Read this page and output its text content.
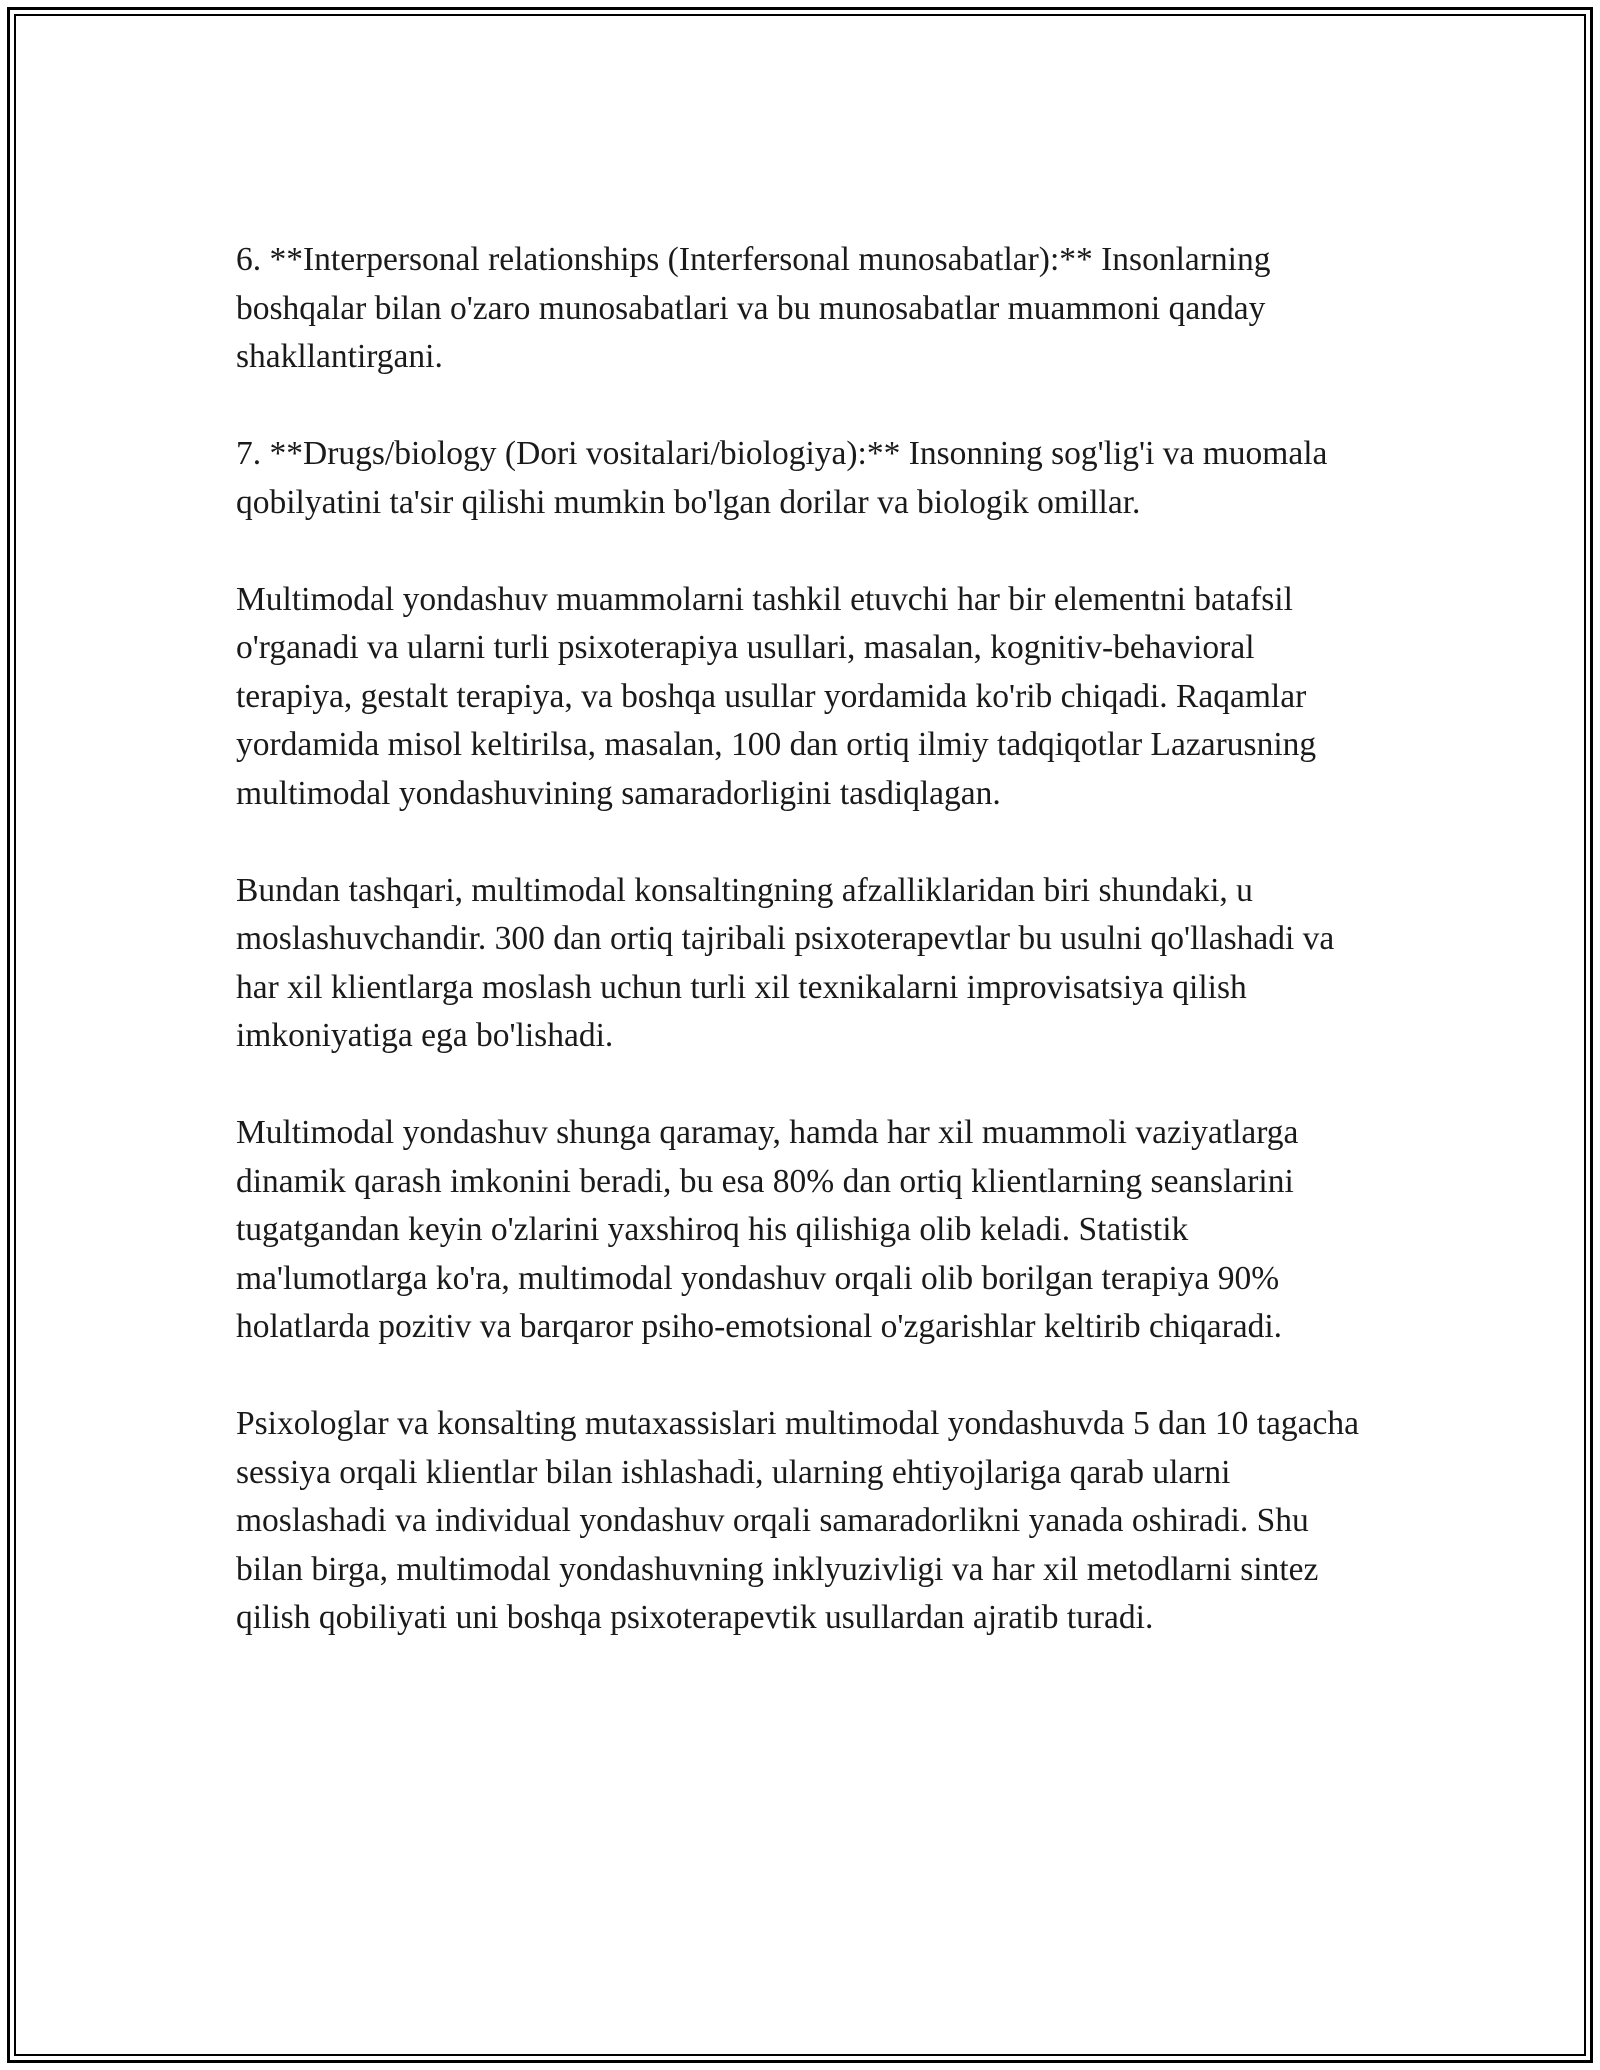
6. **Interpersonal relationships (Interfersonal munosabatlar):** Insonlarning boshqalar bilan o'zaro munosabatlari va bu munosabatlar muammoni qanday shakllantirgani.

7. **Drugs/biology (Dori vositalari/biologiya):** Insonning sog'lig'i va muomala qobilyatini ta'sir qilishi mumkin bo'lgan dorilar va biologik omillar.

Multimodal yondashuv muammolarni tashkil etuvchi har bir elementni batafsil o'rganadi va ularni turli psixoterapiya usullari, masalan, kognitiv-behavioral terapiya, gestalt terapiya, va boshqa usullar yordamida ko'rib chiqadi. Raqamlar yordamida misol keltirilsa, masalan, 100 dan ortiq ilmiy tadqiqotlar Lazarusning multimodal yondashuvining samaradorligini tasdiqlagan.

Bundan tashqari, multimodal konsaltingning afzalliklaridan biri shundaki, u moslashuvchandir. 300 dan ortiq tajribali psixoterapevtlar bu usulni qo'llashadi va har xil klientlarga moslash uchun turli xil texnikalarni improvisatsiya qilish imkoniyatiga ega bo'lishadi.

Multimodal yondashuv shunga qaramay, hamda har xil muammoli vaziyatlarga dinamik qarash imkonini beradi, bu esa 80% dan ortiq klientlarning seanslarini tugatgandan keyin o'zlarini yaxshiroq his qilishiga olib keladi. Statistik ma'lumotlarga ko'ra, multimodal yondashuv orqali olib borilgan terapiya 90% holatlarda pozitiv va barqaror psiho-emotsional o'zgarishlar keltirib chiqaradi.

Psixologlar va konsalting mutaxassislari multimodal yondashuvda 5 dan 10 tagacha sessiya orqali klientlar bilan ishlashadi, ularning ehtiyojlariga qarab ularni moslashadi va individual yondashuv orqali samaradorlikni yanada oshiradi. Shu bilan birga, multimodal yondashuvning inklyuzivligi va har xil metodlarni sintez qilish qobiliyati uni boshqa psixoterapevtik usullardan ajratib turadi.
